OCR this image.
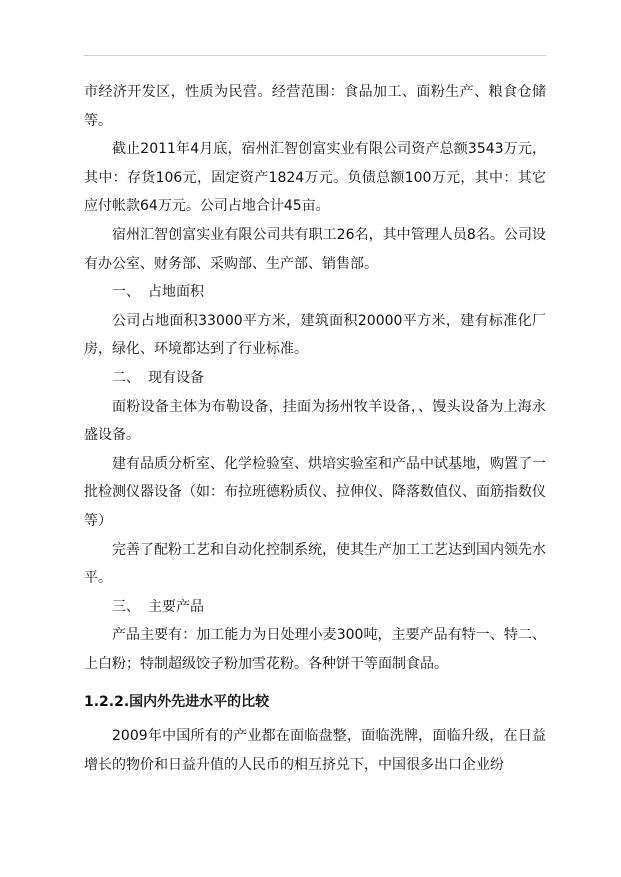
市经济开发区，性质为民营。经营范围：食品加工、面粉生产、粮食仓储等。

截止2011年4月底，宿州汇智创富实业有限公司资产总额3543万元，其中：存货106元，固定资产1824万元。负债总额100万元，其中：其它应付帐款64万元。公司占地合计45亩。

宿州汇智创富实业有限公司共有职工26名，其中管理人员8名。公司设有办公室、财务部、采购部、生产部、销售部。

一、 占地面积

公司占地面积33000平方米，建筑面积20000平方米，建有标准化厂房，绿化、环境都达到了行业标准。

二、 现有设备

面粉设备主体为布勒设备，挂面为扬州牧羊设备，、馒头设备为上海永盛设备。

建有品质分析室、化学检验室、烘培实验室和产品中试基地，购置了一批检测仪器设备（如：布拉班德粉质仪、拉伸仪、降落数值仪、面筋指数仪等）

完善了配粉工艺和自动化控制系统，使其生产加工工艺达到国内领先水平。

三、 主要产品

产品主要有：加工能力为日处理小麦300吨，主要产品有特一、特二、上白粉；特制超级饺子粉加雪花粉。各种饼干等面制食品。

1.2.2.国内外先进水平的比较

2009年中国所有的产业都在面临盘整，面临洗牌，面临升级，在日益增长的物价和日益升值的人民币的相互挤兑下，中国很多出口企业纷
